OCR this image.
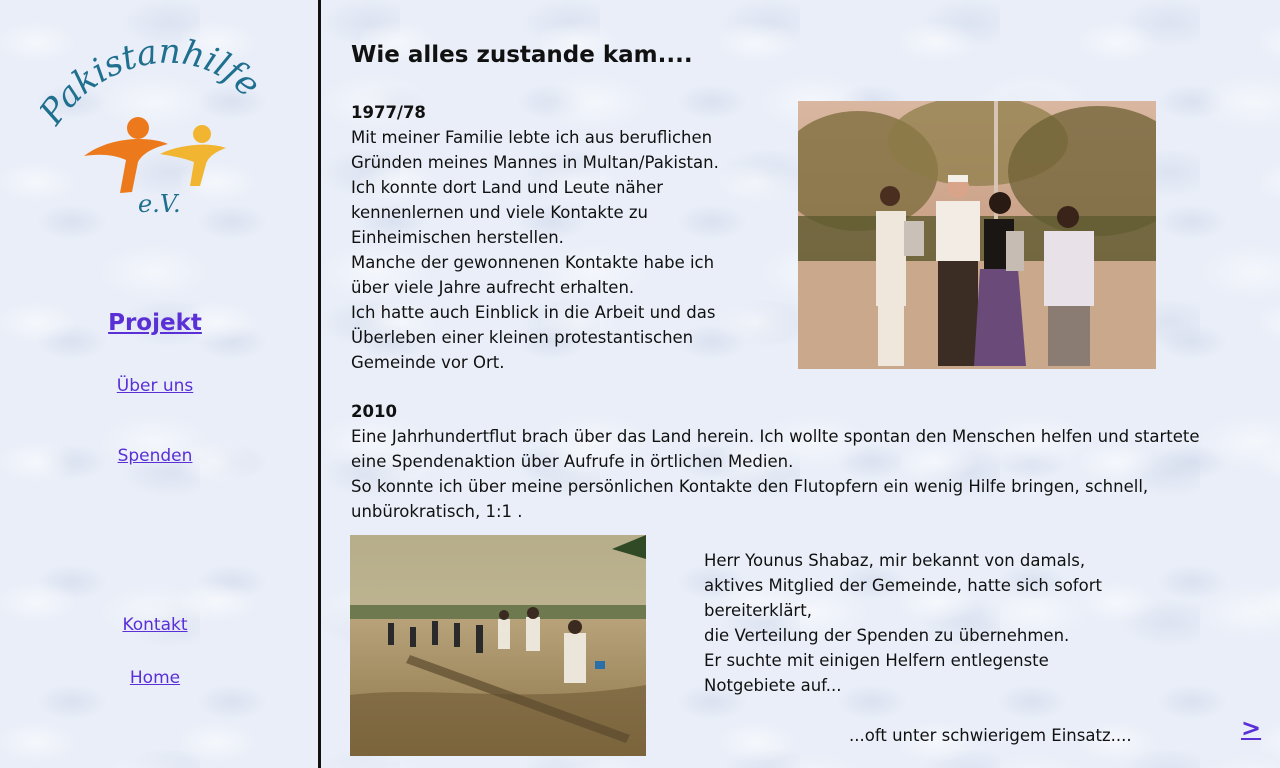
akistanhilfe
e.V.
Projekt
Über uns
Spenden
Kontakt
Home
Wie alles zustande kam....
1977/78
Mit meiner Familie lebte ich aus beruflichen
Gründen meines Mannes in Multan/Pakistan.
Ich konnte dort Land und Leute näher
kennenlernen und viele Kontakte zu
Einheimischen herstellen.
Manche der gewonnenen Kontakte habe ich
über viele Jahre aufrecht erhalten.
Ich hatte auch Einblick in die Arbeit und das
Überleben einer kleinen protestantischen
Gemeinde vor Ort.
2010
Eine Jahrhundertflut brach über das Land herein. Ich wollte spontan den Menschen helfen und startete
eine Spendenaktion über Aufrufe in örtlichen Medien.
So konnte ich über meine persönlichen Kontakte den Flutopfern ein wenig Hilfe bringen, schnell,
unbürokratisch, 1:1 .
Herr Younus Shabaz, mir bekannt von damals,
aktives Mitglied der Gemeinde, hatte sich sofort
bereiterklärt,
die Verteilung der Spenden zu übernehmen.
Er suchte mit einigen Helfern entlegenste
Notgebiete auf...
...oft unter schwierigem Einsatz....	>
